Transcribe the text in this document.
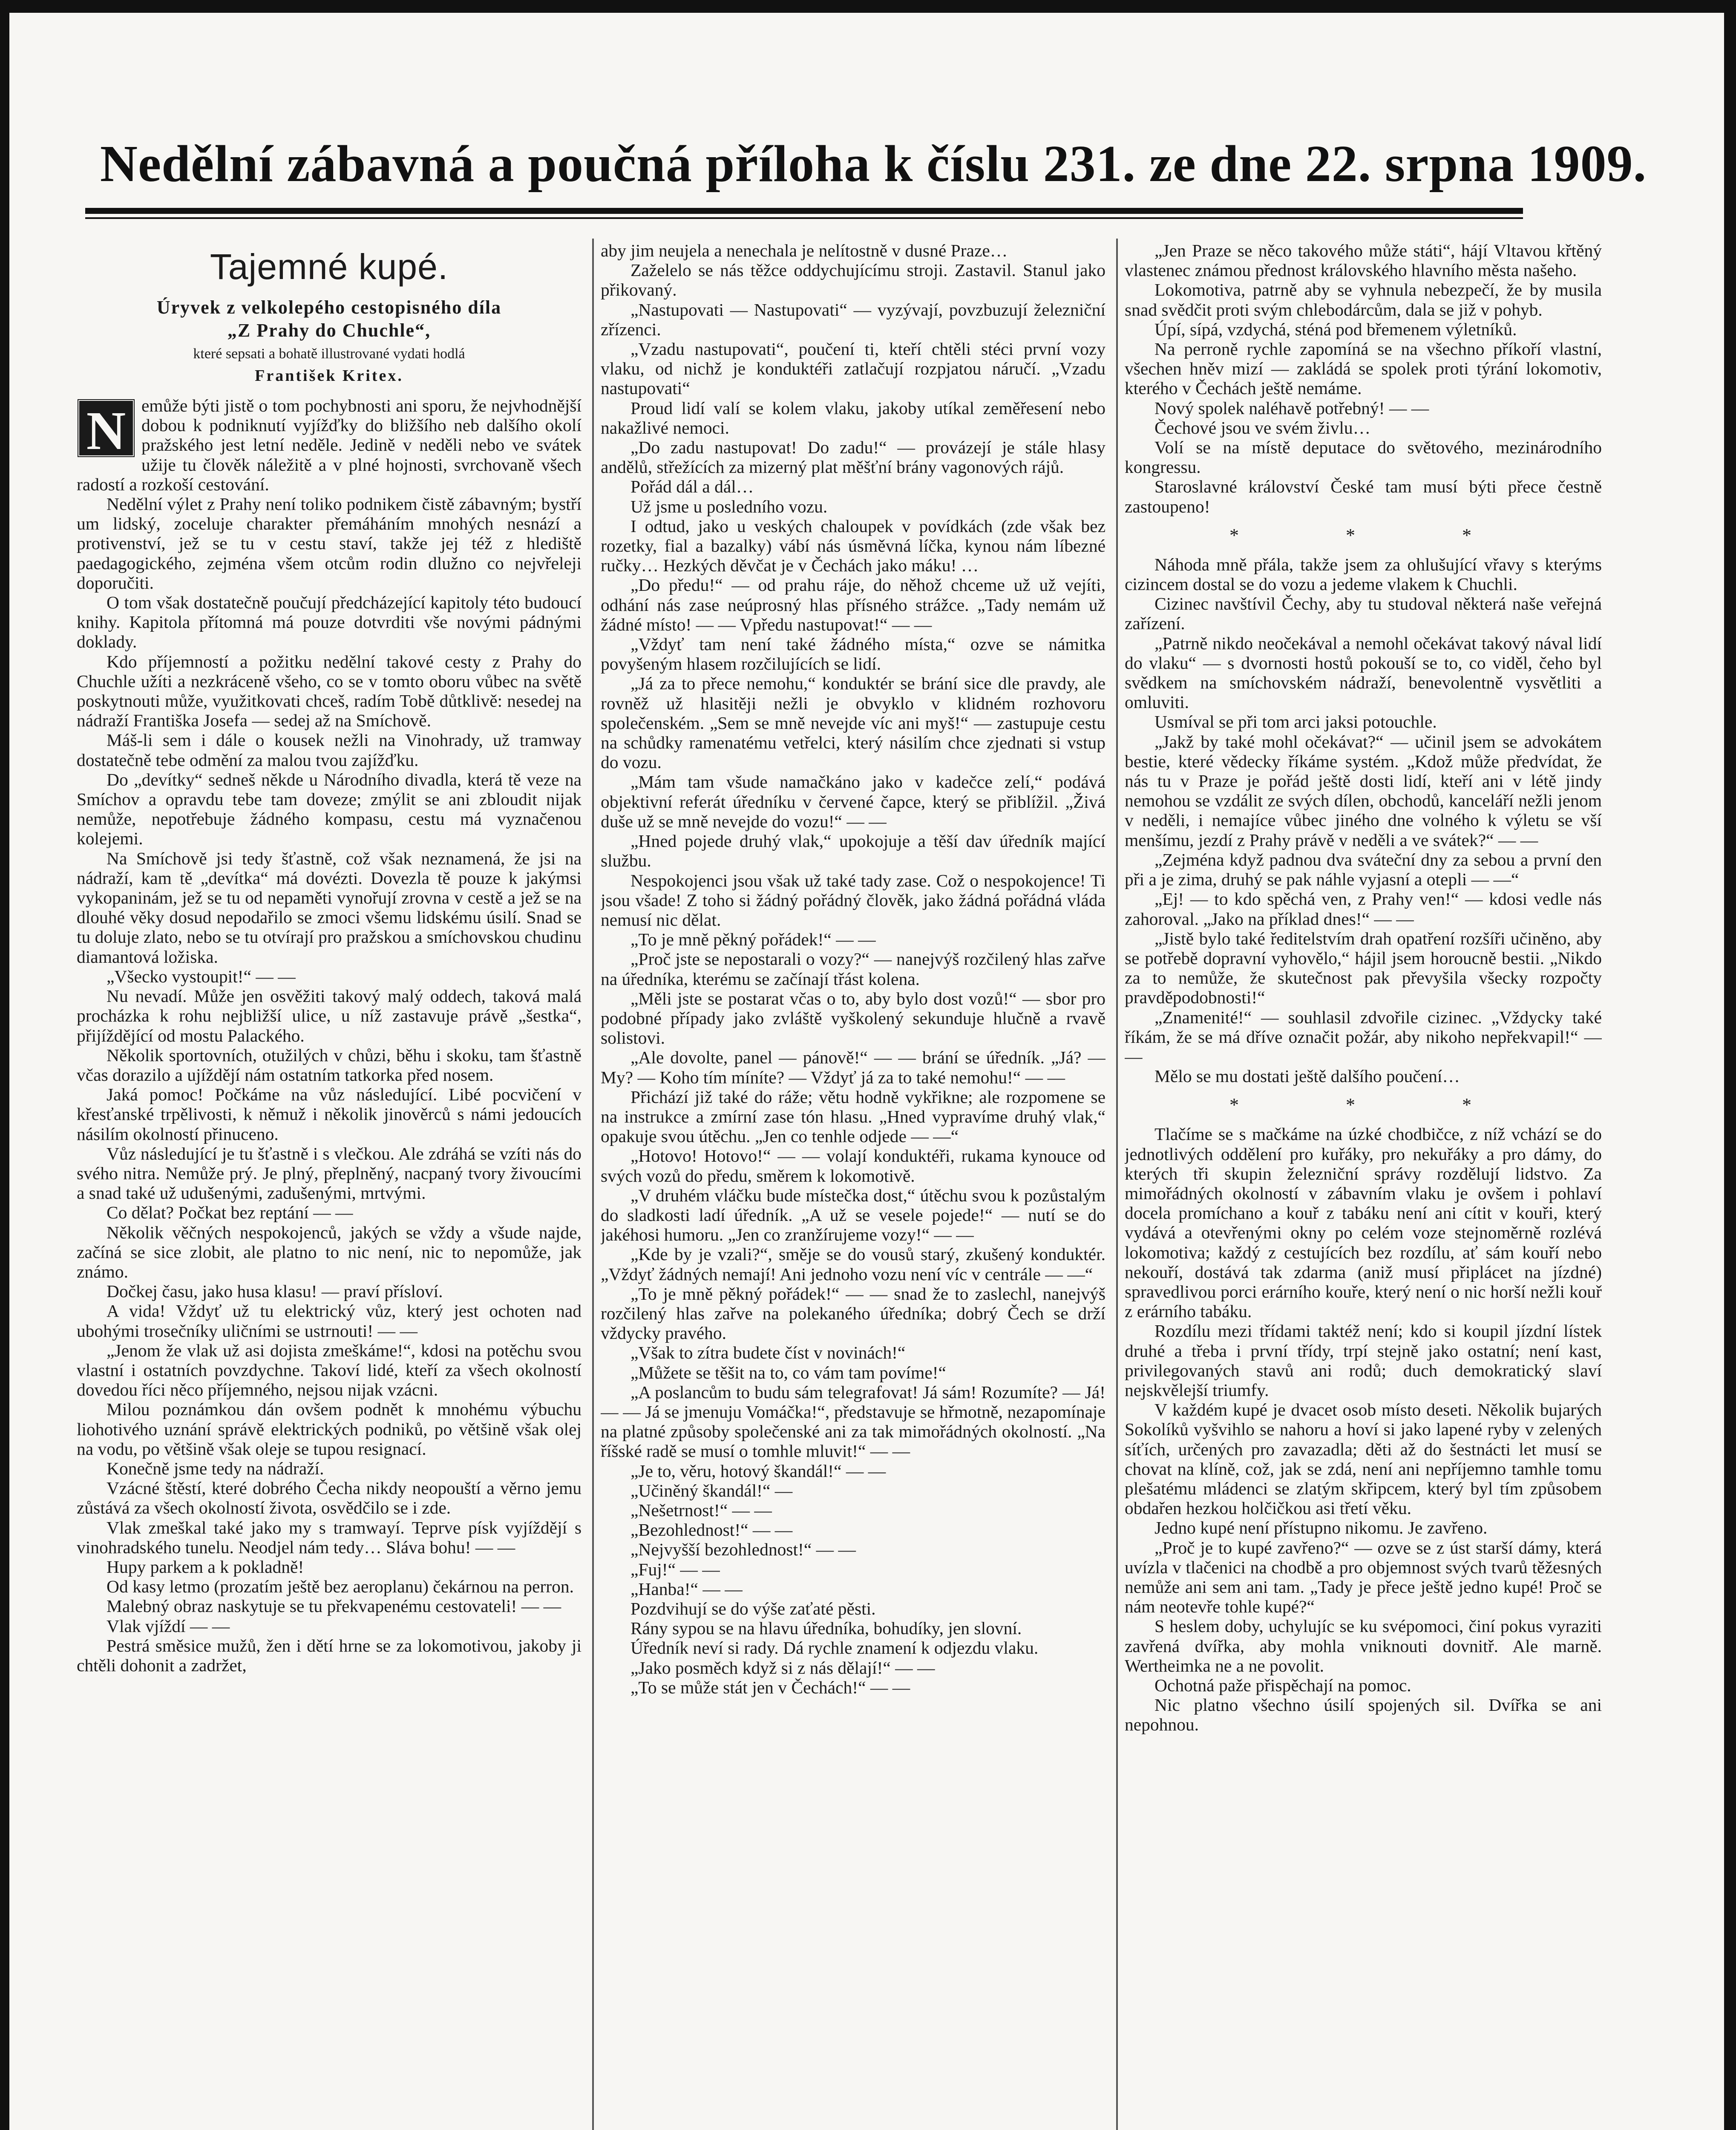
Nedělní zábavná a poučná příloha k číslu 231. ze dne 22. srpna 1909.
Tajemné kupé.
Úryvek z velkolepého cestopisného díla
„Z Prahy do Chuchle“,
které sepsati a bohatě illustrované vydati hodlá
František Kritex.

N emůže býti jistě o tom pochybnosti ani sporu, že nejvhodnější dobou k podniknutí vyjížďky do bližšího neb dalšího okolí pražského jest letní neděle. Jedině v neděli nebo ve svátek užije tu člověk náležitě a v plné hojnosti, svrchovaně všech radostí a rozkoší cestování.

Nedělní výlet z Prahy není toliko podnikem čistě zábavným; bystří um lidský, zoceluje charakter přemáháním mnohých nesnází a protivenství, jež se tu v cestu staví, takže jej též z hlediště paedagogického, zejména všem otcům rodin dlužno co nejvřeleji doporučiti.

O tom však dostatečně poučují předcházející kapitoly této budoucí knihy. Kapitola přítomná má pouze dotvrditi vše novými pádnými doklady.

Kdo příjemností a požitku nedělní takové cesty z Prahy do Chuchle užíti a nezkráceně všeho, co se v tomto oboru vůbec na světě poskytnouti může, využitkovati chceš, radím Tobě důtklivě: nesedej na nádraží Františka Josefa — sedej až na Smíchově.

Máš-li sem i dále o kousek nežli na Vinohrady, už tramway dostatečně tebe odmění za malou tvou zajížďku.

Do „devítky“ sedneš někde u Národního divadla, která tě veze na Smíchov a opravdu tebe tam doveze; zmýlit se ani zbloudit nijak nemůže, nepotřebuje žádného kompasu, cestu má vyznačenou kolejemi.

Na Smíchově jsi tedy šťastně, což však neznamená, že jsi na nádraží, kam tě „devítka“ má dovézti. Dovezla tě pouze k jakýmsi vykopaninám, jež se tu od nepaměti vynořují zrovna v cestě a jež se na dlouhé věky dosud nepodařilo se zmoci všemu lidskému úsilí. Snad se tu doluje zlato, nebo se tu otvírají pro pražskou a smíchovskou chudinu diamantová ložiska.

„Všecko vystoupit!“ — —

Nu nevadí. Může jen osvěžiti takový malý oddech, taková malá procházka k rohu nejbližší ulice, u níž zastavuje právě „šestka“, přijíždějící od mostu Palackého.

Několik sportovních, otužilých v chůzi, běhu i skoku, tam šťastně včas dorazilo a ujíždějí nám ostatním tatkorka před nosem.

Jaká pomoc! Počkáme na vůz následující. Libé pocvičení v křesťanské trpělivosti, k němuž i několik jinověrců s námi jedoucích násilím okolností přinuceno.

Vůz následující je tu šťastně i s vlečkou. Ale zdráhá se vzíti nás do svého nitra. Nemůže prý. Je plný, přeplněný, nacpaný tvory živoucími a snad také už udušenými, zadušenými, mrtvými.

Co dělat? Počkat bez reptání — —

Několik věčných nespokojenců, jakých se vždy a všude najde, začíná se sice zlobit, ale platno to nic není, nic to nepomůže, jak známo.

Dočkej času, jako husa klasu! — praví přísloví.

A vida! Vždyť už tu elektrický vůz, který jest ochoten nad ubohými trosečníky uličními se ustrnouti! — —

„Jenom že vlak už asi dojista zmeškáme!“, kdosi na potěchu svou vlastní i ostatních povzdychne. Takoví lidé, kteří za všech okolností dovedou říci něco příjemného, nejsou nijak vzácni.

Milou poznámkou dán ovšem podnět k mnohému výbuchu liohotivého uznání správě elektrických podniků, po většině však olej na vodu, po většině však oleje se tupou resignací.

Konečně jsme tedy na nádraží.

Vzácné štěstí, které dobrého Čecha nikdy neopouští a věrno jemu zůstává za všech okolností života, osvědčilo se i zde.

Vlak zmeškal také jako my s tramwayí. Teprve písk vyjíždějí s vinohradského tunelu. Neodjel nám tedy… Sláva bohu! — —

Hupy parkem a k pokladně!

Od kasy letmo (prozatím ještě bez aeroplanu) čekárnou na perron.

Malebný obraz naskytuje se tu překvapenému cestovateli! — —

Vlak vjíždí — —

Pestrá směsice mužů, žen i dětí hrne se za lokomotivou, jakoby ji chtěli dohonit a zadržet,

aby jim neujela a nenechala je nelítostně v dusné Praze…

Zaželelo se nás těžce oddychujícímu stroji. Zastavil. Stanul jako přikovaný.

„Nastupovati — Nastupovati“ — vyzývají, povzbuzují železniční zřízenci.

„Vzadu nastupovati“, poučení ti, kteří chtěli stéci první vozy vlaku, od nichž je konduktéři zatlačují rozpjatou náručí. „Vzadu nastupovati“

Proud lidí valí se kolem vlaku, jakoby utíkal zeměřesení nebo nakažlivé nemoci.

„Do zadu nastupovat! Do zadu!“ — provázejí je stále hlasy andělů, střežících za mizerný plat měšťní brány vagonových rájů.

Pořád dál a dál…

Už jsme u posledního vozu.

I odtud, jako u veských chaloupek v povídkách (zde však bez rozetky, fial a bazalky) vábí nás úsměvná líčka, kynou nám líbezné ručky… Hezkých děvčat je v Čechách jako máku! …

„Do předu!“ — od prahu ráje, do něhož chceme už už vejíti, odhání nás zase neúprosný hlas přísného strážce. „Tady nemám už žádné místo! — — Vpředu nastupovat!“ — —

„Vždyť tam není také žádného místa,“ ozve se námitka povyšeným hlasem rozčilujících se lidí.

„Já za to přece nemohu,“ konduktér se brání sice dle pravdy, ale rovněž už hlasitěji nežli je obvyklo v klidném rozhovoru společenském. „Sem se mně nevejde víc ani myš!“ — zastupuje cestu na schůdky ramenatému vetřelci, který násilím chce zjednati si vstup do vozu.

„Mám tam všude namačkáno jako v kadečce zelí,“ podává objektivní referát úředníku v červené čapce, který se přiblížil. „Živá duše už se mně nevejde do vozu!“ — —

„Hned pojede druhý vlak,“ upokojuje a těší dav úředník mající službu.

Nespokojenci jsou však už také tady zase. Což o nespokojence! Ti jsou všade! Z toho si žádný pořádný člověk, jako žádná pořádná vláda nemusí nic dělat.

„To je mně pěkný pořádek!“ — —

„Proč jste se nepostarali o vozy?“ — nanejvýš rozčilený hlas zařve na úředníka, kterému se začínají třást kolena.

„Měli jste se postarat včas o to, aby bylo dost vozů!“ — sbor pro podobné případy jako zvláště vyškolený sekunduje hlučně a rvavě solistovi.

„Ale dovolte, panel — pánově!“ — — brání se úředník. „Já? — My? — Koho tím míníte? — Vždyť já za to také nemohu!“ — —

Přichází již také do ráže; větu hodně vykřikne; ale rozpomene se na instrukce a zmírní zase tón hlasu. „Hned vypravíme druhý vlak,“ opakuje svou útěchu. „Jen co tenhle odjede — —“

„Hotovo! Hotovo!“ — — volají konduktéři, rukama kynouce od svých vozů do předu, směrem k lokomotivě.

„V druhém vláčku bude místečka dost,“ útěchu svou k pozůstalým do sladkosti ladí úředník. „A už se vesele pojede!“ — nutí se do jakéhosi humoru. „Jen co zranžírujeme vozy!“ — —

„Kde by je vzali?“, směje se do vousů starý, zkušený konduktér. „Vždyť žádných nemají! Ani jednoho vozu není víc v centrále — —“

„To je mně pěkný pořádek!“ — — snad že to zaslechl, nanejvýš rozčilený hlas zařve na polekaného úředníka; dobrý Čech se drží vždycky pravého.

„Však to zítra budete číst v novinách!“

„Můžete se těšit na to, co vám tam povíme!“

„A poslancům to budu sám telegrafovat! Já sám! Rozumíte? — Já! — — Já se jmenuju Vomáčka!“, představuje se hřmotně, nezapomínaje na platné způsoby společenské ani za tak mimořádných okolností. „Na říšské radě se musí o tomhle mluvit!“ — —

„Je to, věru, hotový škandál!“ — —

„Učiněný škandál!“ —

„Nešetrnost!“ — —

„Bezohlednost!“ — —

„Nejvyšší bezohlednost!“ — —

„Fuj!“ — —

„Hanba!“ — —

Pozdvihují se do výše zaťaté pěsti.

Rány sypou se na hlavu úředníka, bohudíky, jen slovní.

Úředník neví si rady. Dá rychle znamení k odjezdu vlaku.

„Jako posměch když si z nás dělají!“ — —

„To se může stát jen v Čechách!“ — —

„Jen Praze se něco takového může státi“, hájí Vltavou křtěný vlastenec známou přednost královského hlavního města našeho.

Lokomotiva, patrně aby se vyhnula nebezpečí, že by musila snad svědčit proti svým chlebodárcům, dala se již v pohyb.

Úpí, sípá, vzdychá, sténá pod břemenem výletníků.

Na perroně rychle zapomíná se na všechno příkoří vlastní, všechen hněv mizí — zakládá se spolek proti týrání lokomotiv, kterého v Čechách ještě nemáme.

Nový spolek naléhavě potřebný! — —

Čechové jsou ve svém živlu…

Volí se na místě deputace do světového, mezinárodního kongressu.

Staroslavné království České tam musí býti přece čestně zastoupeno!

* * *

Náhoda mně přála, takže jsem za ohlušující vřavy s kterýms cizincem dostal se do vozu a jedeme vlakem k Chuchli.

Cizinec navštívil Čechy, aby tu studoval některá naše veřejná zařízení.

„Patrně nikdo neočekával a nemohl očekávat takový nával lidí do vlaku“ — s dvornosti hostů pokouší se to, co viděl, čeho byl svědkem na smíchovském nádraží, benevolentně vysvětliti a omluviti.

Usmíval se při tom arci jaksi potouchle.

„Jakž by také mohl očekávat?“ — učinil jsem se advokátem bestie, které vědecky říkáme systém. „Kdož může předvídat, že nás tu v Praze je pořád ještě dosti lidí, kteří ani v létě jindy nemohou se vzdálit ze svých dílen, obchodů, kanceláří nežli jenom v neděli, i nemajíce vůbec jiného dne volného k výletu se vší menšímu, jezdí z Prahy právě v neděli a ve svátek?“ — —

„Zejména když padnou dva sváteční dny za sebou a první den při a je zima, druhý se pak náhle vyjasní a otepli — —“

„Ej! — to kdo spěchá ven, z Prahy ven!“ — kdosi vedle nás zahoroval. „Jako na příklad dnes!“ — —

„Jistě bylo také ředitelstvím drah opatření rozšíři učiněno, aby se potřebě dopravní vyhovělo,“ hájil jsem horoucně bestii. „Nikdo za to nemůže, že skutečnost pak převyšila všecky rozpočty pravděpodobnosti!“

„Znamenité!“ — souhlasil zdvořile cizinec. „Vždycky také říkám, že se má dříve označit požár, aby nikoho nepřekvapil!“ — —

Mělo se mu dostati ještě dalšího poučení…

* * *

Tlačíme se s mačkáme na úzké chodbičce, z níž vchází se do jednotlivých oddělení pro kuřáky, pro nekuřáky a pro dámy, do kterých tři skupin železniční správy rozdělují lidstvo. Za mimořádných okolností v zábavním vlaku je ovšem i pohlaví docela promíchano a kouř z tabáku není ani cítit v kouři, který vydává a otevřenými okny po celém voze stejnoměrně rozlévá lokomotiva; každý z cestujících bez rozdílu, ať sám kouří nebo nekouří, dostává tak zdarma (aniž musí připlácet na jízdné) spravedlivou porci erárního kouře, který není o nic horší nežli kouř z erárního tabáku.

Rozdílu mezi třídami taktéž není; kdo si koupil jízdní lístek druhé a třeba i první třídy, trpí stejně jako ostatní; není kast, privilegovaných stavů ani rodů; duch demokratický slaví nejskvělejší triumfy.

V každém kupé je dvacet osob místo deseti. Několik bujarých Sokolíků vyšvihlo se nahoru a hoví si jako lapené ryby v zelených síťích, určených pro zavazadla; děti až do šestnácti let musí se chovat na klíně, což, jak se zdá, není ani nepříjemno tamhle tomu plešatému mládenci se zlatým skřipcem, který byl tím způsobem obdařen hezkou holčičkou asi třetí věku.

Jedno kupé není přístupno nikomu. Je zavřeno.

„Proč je to kupé zavřeno?“ — ozve se z úst starší dámy, která uvízla v tlačenici na chodbě a pro objemnost svých tvarů těžesných nemůže ani sem ani tam. „Tady je přece ještě jedno kupé! Proč se nám neotevře tohle kupé?“

S heslem doby, uchylujíc se ku svépomoci, činí pokus vyraziti zavřená dvířka, aby mohla vniknouti dovnitř. Ale marně. Wertheimka ne a ne povolit.

Ochotná paže přispěchají na pomoc.

Nic platno všechno úsilí spojených sil. Dvířka se ani nepohnou.
